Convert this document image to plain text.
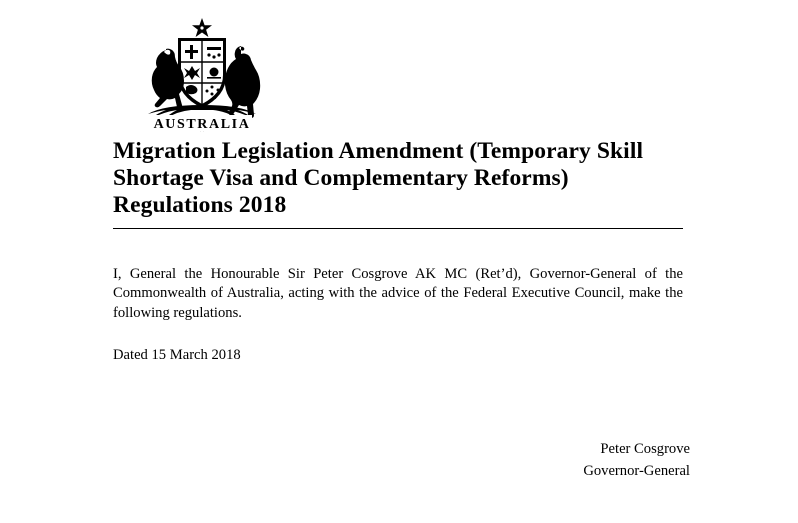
AUSTRALIA
Migration Legislation Amendment (Temporary Skill Shortage Visa and Complementary Reforms) Regulations 2018

I, General the Honourable Sir Peter Cosgrove AK MC (Ret’d), Governor-General of the Commonwealth of Australia, acting with the advice of the Federal Executive Council, make the following regulations.

Dated 15 March 2018
Peter Cosgrove
Governor-General
